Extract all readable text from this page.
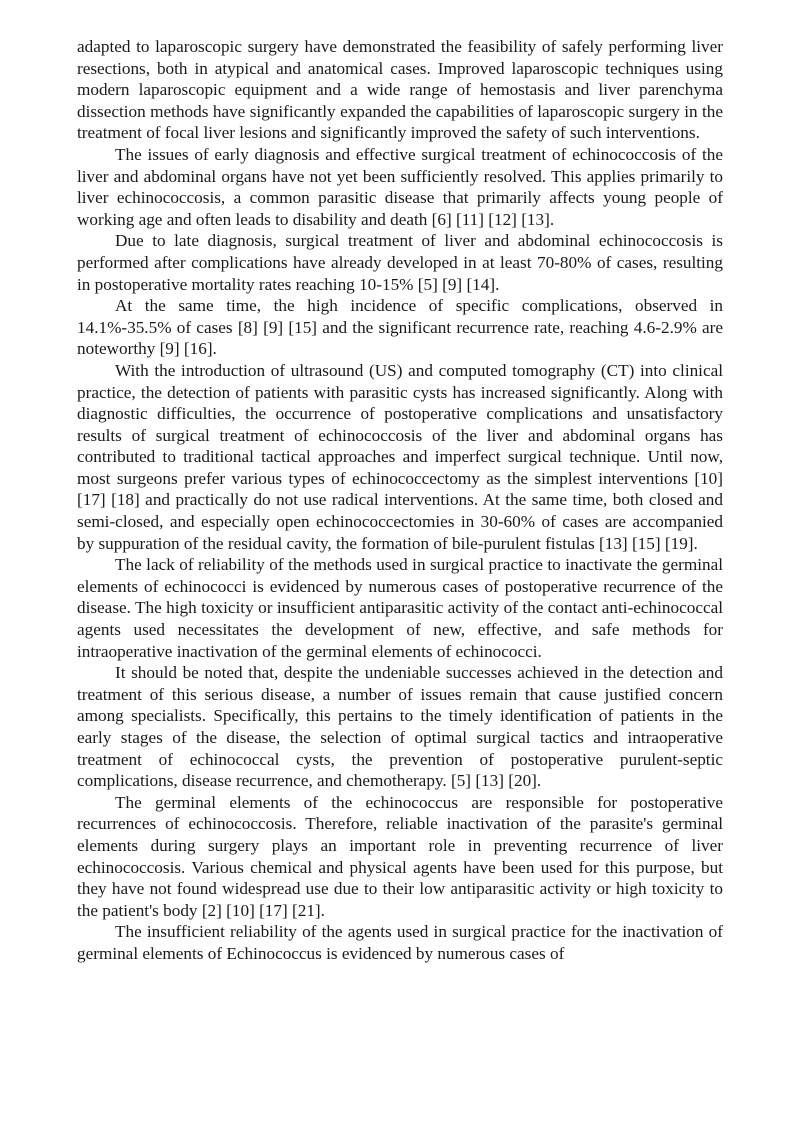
adapted to laparoscopic surgery have demonstrated the feasibility of safely performing liver resections, both in atypical and anatomical cases. Improved laparoscopic techniques using modern laparoscopic equipment and a wide range of hemostasis and liver parenchyma dissection methods have significantly expanded the capabilities of laparoscopic surgery in the treatment of focal liver lesions and significantly improved the safety of such interventions.

The issues of early diagnosis and effective surgical treatment of echinococcosis of the liver and abdominal organs have not yet been sufficiently resolved. This applies primarily to liver echinococcosis, a common parasitic disease that primarily affects young people of working age and often leads to disability and death [6] [11] [12] [13].

Due to late diagnosis, surgical treatment of liver and abdominal echinococcosis is performed after complications have already developed in at least 70-80% of cases, resulting in postoperative mortality rates reaching 10-15% [5] [9] [14].

At the same time, the high incidence of specific complications, observed in 14.1%-35.5% of cases [8] [9] [15] and the significant recurrence rate, reaching 4.6-2.9% are noteworthy [9] [16].

With the introduction of ultrasound (US) and computed tomography (CT) into clinical practice, the detection of patients with parasitic cysts has increased significantly. Along with diagnostic difficulties, the occurrence of postoperative complications and unsatisfactory results of surgical treatment of echinococcosis of the liver and abdominal organs has contributed to traditional tactical approaches and imperfect surgical technique. Until now, most surgeons prefer various types of echinococcectomy as the simplest interventions [10] [17] [18] and practically do not use radical interventions. At the same time, both closed and semi-closed, and especially open echinococcectomies in 30-60% of cases are accompanied by suppuration of the residual cavity, the formation of bile-purulent fistulas [13] [15] [19].

The lack of reliability of the methods used in surgical practice to inactivate the germinal elements of echinococci is evidenced by numerous cases of postoperative recurrence of the disease. The high toxicity or insufficient antiparasitic activity of the contact anti-echinococcal agents used necessitates the development of new, effective, and safe methods for intraoperative inactivation of the germinal elements of echinococci.

It should be noted that, despite the undeniable successes achieved in the detection and treatment of this serious disease, a number of issues remain that cause justified concern among specialists. Specifically, this pertains to the timely identification of patients in the early stages of the disease, the selection of optimal surgical tactics and intraoperative treatment of echinococcal cysts, the prevention of postoperative purulent-septic complications, disease recurrence, and chemotherapy. [5] [13] [20].

The germinal elements of the echinococcus are responsible for postoperative recurrences of echinococcosis. Therefore, reliable inactivation of the parasite's germinal elements during surgery plays an important role in preventing recurrence of liver echinococcosis. Various chemical and physical agents have been used for this purpose, but they have not found widespread use due to their low antiparasitic activity or high toxicity to the patient's body [2] [10] [17] [21].

The insufficient reliability of the agents used in surgical practice for the inactivation of germinal elements of Echinococcus is evidenced by numerous cases of
